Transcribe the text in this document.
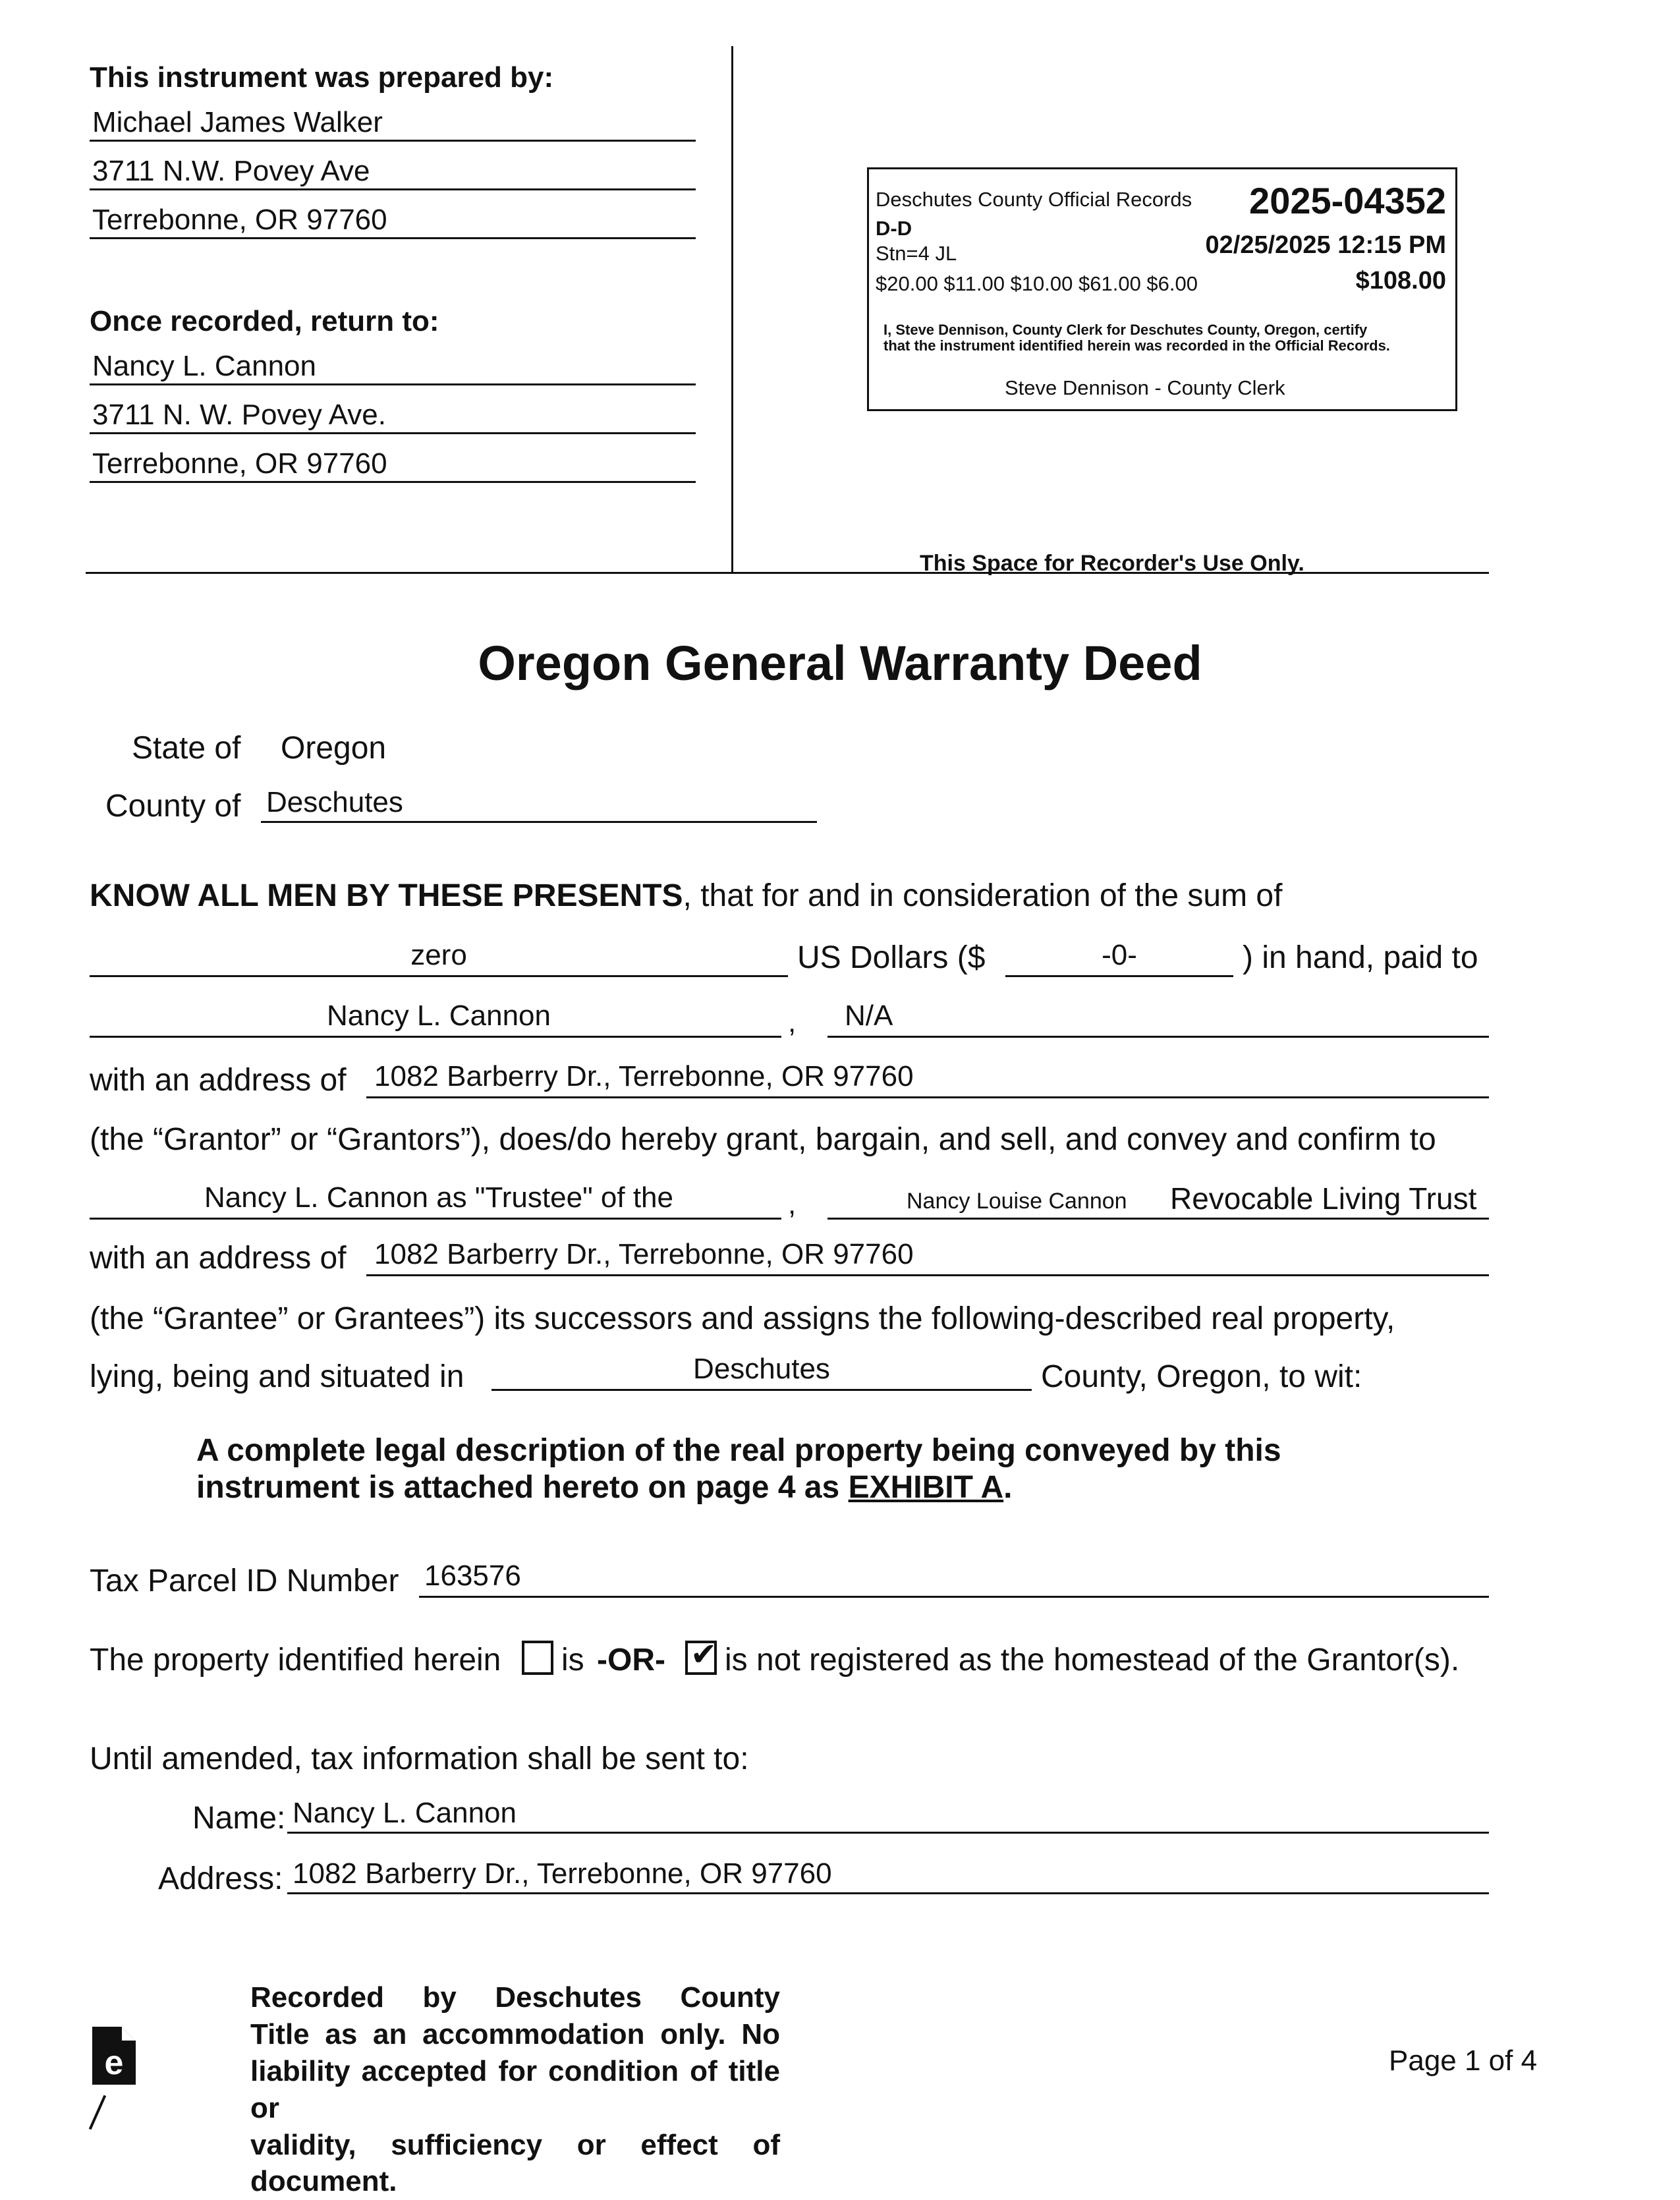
This instrument was prepared by:
Michael James Walker
3711 N.W. Povey Ave
Terrebonne, OR 97760
Once recorded, return to:
Nancy L. Cannon
3711 N. W. Povey Ave.
Terrebonne, OR 97760
Deschutes County Official Records 2025-04352
D-D
Stn=4 JL	02/25/2025 12:15 PM
$20.00 $11.00 $10.00 $61.00 $6.00	$108.00
I, Steve Dennison, County Clerk for Deschutes County, Oregon, certify that the instrument identified herein was recorded in the Official Records.
Steve Dennison - County Clerk
This Space for Recorder's Use Only.
Oregon General Warranty Deed
State of Oregon
County of Deschutes
KNOW ALL MEN BY THESE PRESENTS, that for and in consideration of the sum of
zero	US Dollars ($	-0-	) in hand, paid to
Nancy L. Cannon	, N/A
with an address of 1082 Barberry Dr., Terrebonne, OR 97760
(the “Grantor” or “Grantors”), does/do hereby grant, bargain, and sell, and convey and confirm to
Nancy L. Cannon as "Trustee" of the	,	Nancy Louise Cannon Revocable Living Trust
with an address of 1082 Barberry Dr., Terrebonne, OR 97760
(the “Grantee” or Grantees”) its successors and assigns the following-described real property,
lying, being and situated in	Deschutes	County, Oregon, to wit:
A complete legal description of the real property being conveyed by this
instrument is attached hereto on page 4 as EXHIBIT A.
Tax Parcel ID Number 163576
The property identified herein is -OR- ✔ is not registered as the homestead of the Grantor(s).
Until amended, tax information shall be sent to:
Name: Nancy L. Cannon
Address: 1082 Barberry Dr., Terrebonne, OR 97760
Recorded by Deschutes County
Title as an accommodation only. No
liability accepted for condition of title or
validity, sufficiency or effect of document.
e	Page 1 of 4
